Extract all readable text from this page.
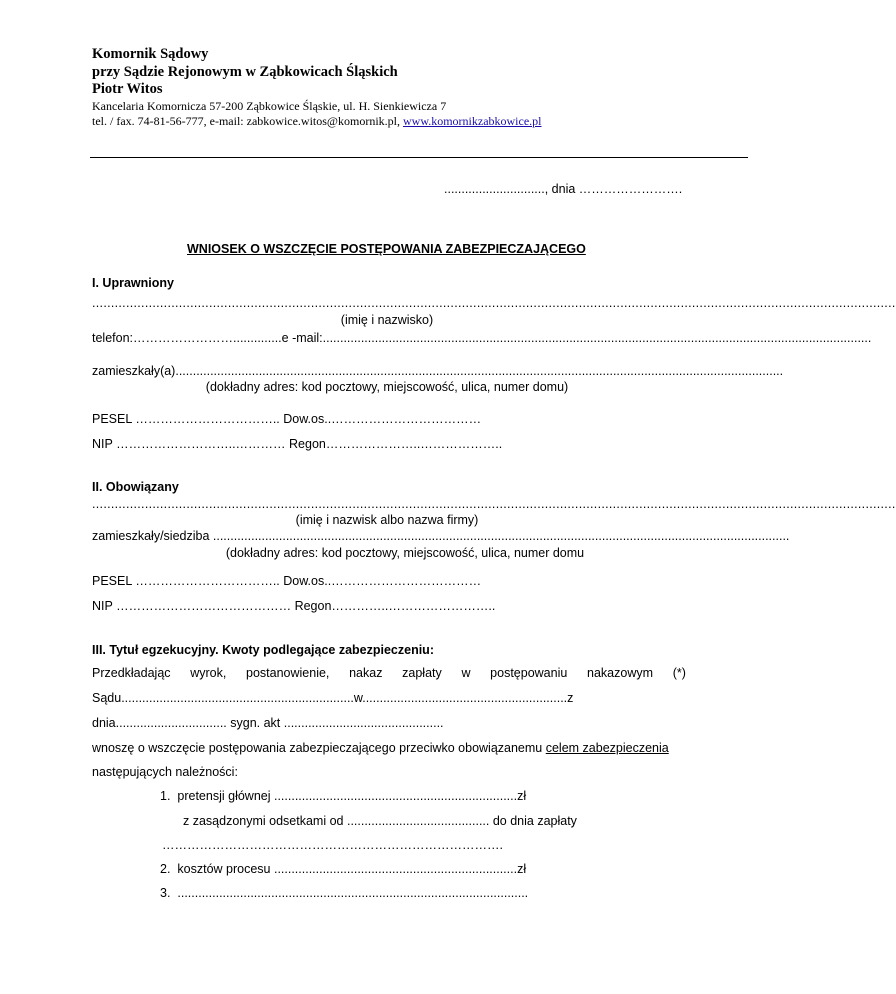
Komornik Sądowy
przy Sądzie Rejonowym w Ząbkowicach Śląskich
Piotr Witos
Kancelaria Komornicza 57-200 Ząbkowice Śląskie, ul. H. Sienkiewicza 7
tel. / fax. 74-81-56-777, e-mail: zabkowice.witos@komornik.pl, www.komornikzabkowice.pl
............................., dnia …………………….
WNIOSEK O WSZCZĘCIE POSTĘPOWANIA ZABEZPIECZAJĄCEGO
I. Uprawniony
.....................................................................................................................................................................................................................
(imię i nazwisko)
telefon:……………………..............e -mail:..............................................................................................................................................................
zamieszkały(a)...............................................................................................................................................................................
(dokładny adres: kod pocztowy, miejscowość, ulica, numer domu)
PESEL …………………………….. Dow.os..………………………………
NIP ………………………..………… Regon…………………..………………..
II. Obowiązany
.....................................................................................................................................................................................................................
(imię i nazwisk albo nazwa firmy)
zamieszkały/siedziba ......................................................................................................................................................................
(dokładny adres: kod pocztowy, miejscowość, ulica, numer domu
PESEL …………………………….. Dow.os..………………………………
NIP …………………………………… Regon…………..……………………..
III. Tytuł egzekucyjny. Kwoty podlegające zabezpieczeniu:
Przedkładając wyrok, postanowienie, nakaz zapłaty w postępowaniu nakazowym (*)
Sądu...................................................................w...........................................................z
dnia................................ sygn. akt ..............................................
wnoszę o wszczęcie postępowania zabezpieczającego przeciwko obowiązanemu celem zabezpieczenia
następujących należności:
1. pretensji głównej ......................................................................zł
z zasądzonymi odsetkami od ......................................... do dnia zapłaty
……………………………………………………………………….
2. kosztów procesu ......................................................................zł
3. .....................................................................................................
